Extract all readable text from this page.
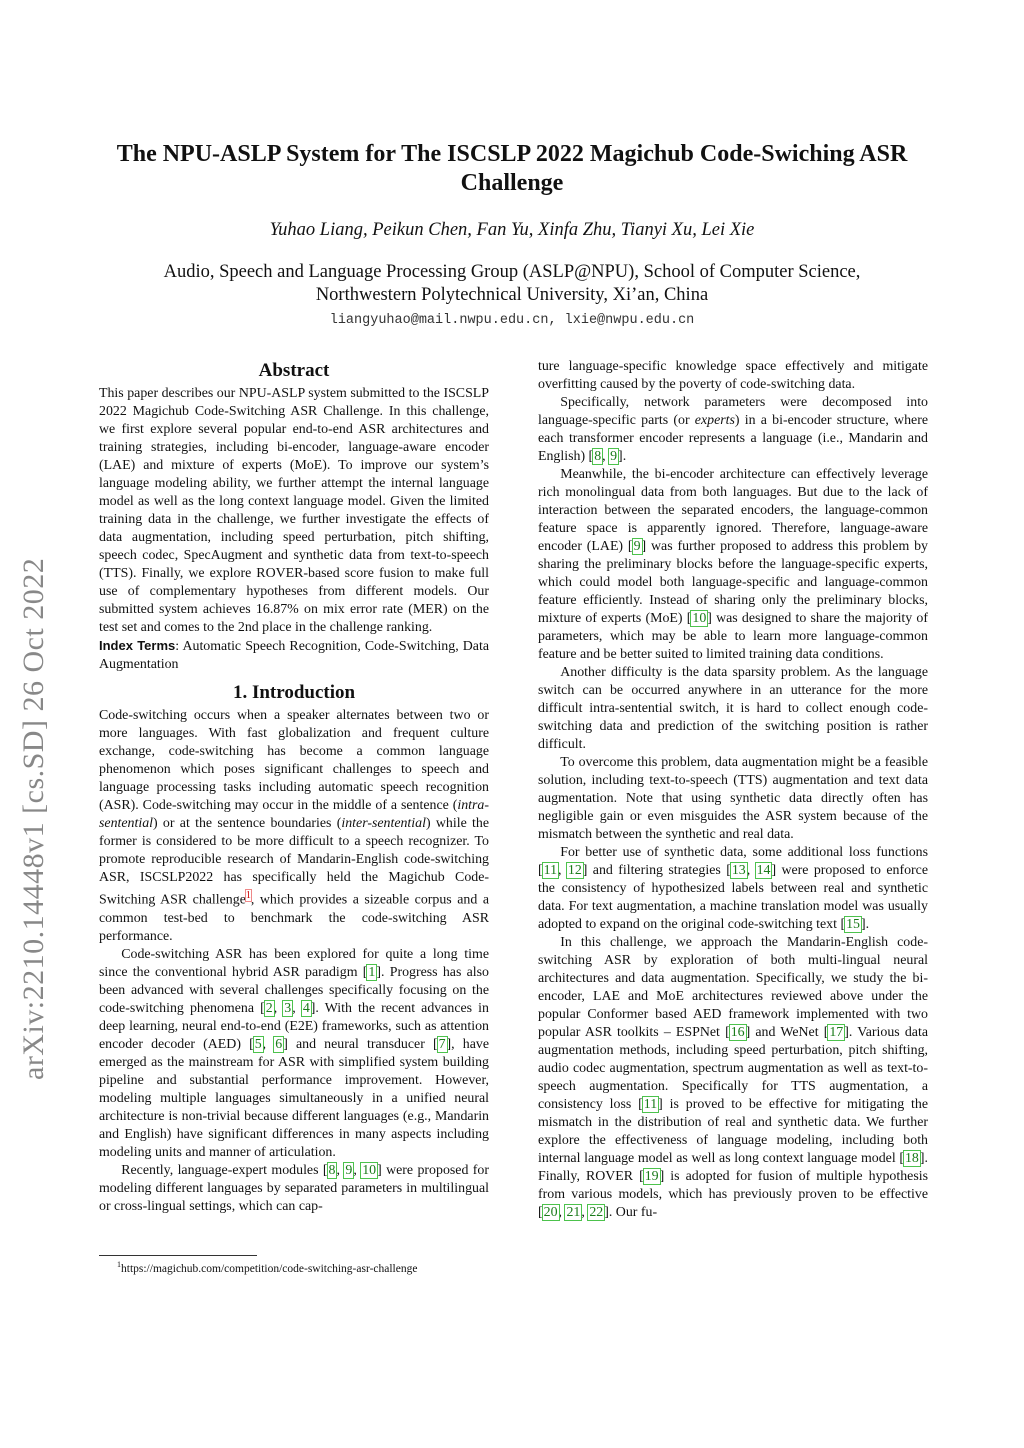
The NPU-ASLP System for The ISCSLP 2022 Magichub Code-Swiching ASR Challenge
Yuhao Liang, Peikun Chen, Fan Yu, Xinfa Zhu, Tianyi Xu, Lei Xie
Audio, Speech and Language Processing Group (ASLP@NPU), School of Computer Science,
Northwestern Polytechnical University, Xi’an, China
liangyuhao@mail.nwpu.edu.cn, lxie@nwpu.edu.cn
arXiv:2210.14448v1 [cs.SD] 26 Oct 2022
Abstract

This paper describes our NPU-ASLP system submitted to the ISCSLP 2022 Magichub Code-Switching ASR Challenge. In this challenge, we first explore several popular end-to-end ASR architectures and training strategies, including bi-encoder, language-aware encoder (LAE) and mixture of experts (MoE). To improve our system’s language modeling ability, we further attempt the internal language model as well as the long context language model. Given the limited training data in the challenge, we further investigate the effects of data augmentation, including speed perturbation, pitch shifting, speech codec, SpecAugment and synthetic data from text-to-speech (TTS). Finally, we explore ROVER-based score fusion to make full use of complementary hypotheses from different models. Our submitted system achieves 16.87% on mix error rate (MER) on the test set and comes to the 2nd place in the challenge ranking.

Index Terms: Automatic Speech Recognition, Code-Switching, Data Augmentation

1. Introduction

Code-switching occurs when a speaker alternates between two or more languages. With fast globalization and frequent culture exchange, code-switching has become a common language phenomenon which poses significant challenges to speech and language processing tasks including automatic speech recognition (ASR). Code-switching may occur in the middle of a sentence (intra-sentential) or at the sentence boundaries (inter-sentential) while the former is considered to be more difficult to a speech recognizer. To promote reproducible research of Mandarin-English code-switching ASR, ISCSLP2022 has specifically held the Magichub Code-Switching ASR challenge$^1$, which provides a sizeable corpus and a common test-bed to benchmark the code-switching ASR performance.

Code-switching ASR has been explored for quite a long time since the conventional hybrid ASR paradigm [1]. Progress has also been advanced with several challenges specifically focusing on the code-switching phenomena [2, 3, 4]. With the recent advances in deep learning, neural end-to-end (E2E) frameworks, such as attention encoder decoder (AED) [5, 6] and neural transducer [7], have emerged as the mainstream for ASR with simplified system building pipeline and substantial performance improvement. However, modeling multiple languages simultaneously in a unified neural architecture is non-trivial because different languages (e.g., Mandarin and English) have significant differences in many aspects including modeling units and manner of articulation.

Recently, language-expert modules [8, 9, 10] were proposed for modeling different languages by separated parameters in multilingual or cross-lingual settings, which can cap-

$^1$https://magichub.com/competition/code-switching-asr-challenge

ture language-specific knowledge space effectively and mitigate overfitting caused by the poverty of code-switching data.

Specifically, network parameters were decomposed into language-specific parts (or experts) in a bi-encoder structure, where each transformer encoder represents a language (i.e., Mandarin and English) [8, 9].

Meanwhile, the bi-encoder architecture can effectively leverage rich monolingual data from both languages. But due to the lack of interaction between the separated encoders, the language-common feature space is apparently ignored. Therefore, language-aware encoder (LAE) [9] was further proposed to address this problem by sharing the preliminary blocks before the language-specific experts, which could model both language-specific and language-common feature efficiently. Instead of sharing only the preliminary blocks, mixture of experts (MoE) [10] was designed to share the majority of parameters, which may be able to learn more language-common feature and be better suited to limited training data conditions.

Another difficulty is the data sparsity problem. As the language switch can be occurred anywhere in an utterance for the more difficult intra-sentential switch, it is hard to collect enough code-switching data and prediction of the switching position is rather difficult.

To overcome this problem, data augmentation might be a feasible solution, including text-to-speech (TTS) augmentation and text data augmentation. Note that using synthetic data directly often has negligible gain or even misguides the ASR system because of the mismatch between the synthetic and real data.

For better use of synthetic data, some additional loss functions [11, 12] and filtering strategies [13, 14] were proposed to enforce the consistency of hypothesized labels between real and synthetic data. For text augmentation, a machine translation model was usually adopted to expand on the original code-switching text [15].

In this challenge, we approach the Mandarin-English code-switching ASR by exploration of both multi-lingual neural architectures and data augmentation. Specifically, we study the bi-encoder, LAE and MoE architectures reviewed above under the popular Conformer based AED framework implemented with two popular ASR toolkits – ESPNet [16] and WeNet [17]. Various data augmentation methods, including speed perturbation, pitch shifting, audio codec augmentation, spectrum augmentation as well as text-to-speech augmentation. Specifically for TTS augmentation, a consistency loss [11] is proved to be effective for mitigating the mismatch in the distribution of real and synthetic data. We further explore the effectiveness of language modeling, including both internal language model as well as long context language model [18]. Finally, ROVER [19] is adopted for fusion of multiple hypothesis from various models, which has previously proven to be effective [20, 21, 22]. Our fu-
